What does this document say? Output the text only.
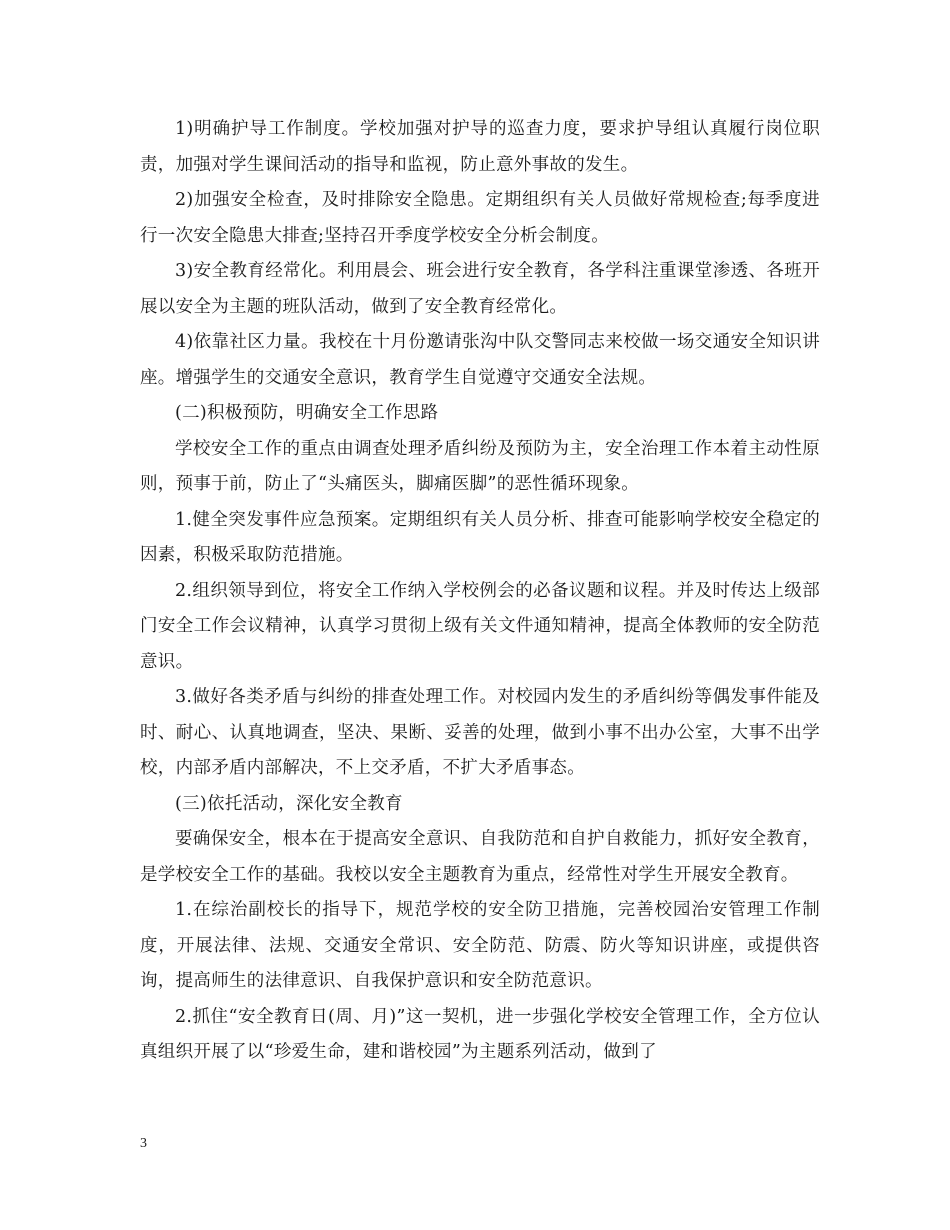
1)明确护导工作制度。学校加强对护导的巡查力度，要求护导组认真履行岗位职责，加强对学生课间活动的指导和监视，防止意外事故的发生。

2)加强安全检查，及时排除安全隐患。定期组织有关人员做好常规检查;每季度进行一次安全隐患大排查;坚持召开季度学校安全分析会制度。

3)安全教育经常化。利用晨会、班会进行安全教育，各学科注重课堂渗透、各班开展以安全为主题的班队活动，做到了安全教育经常化。

4)依靠社区力量。我校在十月份邀请张沟中队交警同志来校做一场交通安全知识讲座。增强学生的交通安全意识，教育学生自觉遵守交通安全法规。

(二)积极预防，明确安全工作思路

学校安全工作的重点由调查处理矛盾纠纷及预防为主，安全治理工作本着主动性原则，预事于前，防止了“头痛医头，脚痛医脚”的恶性循环现象。

1.健全突发事件应急预案。定期组织有关人员分析、排查可能影响学校安全稳定的因素，积极采取防范措施。

2.组织领导到位，将安全工作纳入学校例会的必备议题和议程。并及时传达上级部门安全工作会议精神，认真学习贯彻上级有关文件通知精神，提高全体教师的安全防范意识。

3.做好各类矛盾与纠纷的排查处理工作。对校园内发生的矛盾纠纷等偶发事件能及时、耐心、认真地调查，坚决、果断、妥善的处理，做到小事不出办公室，大事不出学校，内部矛盾内部解决，不上交矛盾，不扩大矛盾事态。

(三)依托活动，深化安全教育

要确保安全，根本在于提高安全意识、自我防范和自护自救能力，抓好安全教育，是学校安全工作的基础。我校以安全主题教育为重点，经常性对学生开展安全教育。

1.在综治副校长的指导下，规范学校的安全防卫措施，完善校园治安管理工作制度，开展法律、法规、交通安全常识、安全防范、防震、防火等知识讲座，或提供咨询，提高师生的法律意识、自我保护意识和安全防范意识。

2.抓住“安全教育日(周、月)”这一契机，进一步强化学校安全管理工作，全方位认真组织开展了以“珍爱生命，建和谐校园”为主题系列活动，做到了

3
